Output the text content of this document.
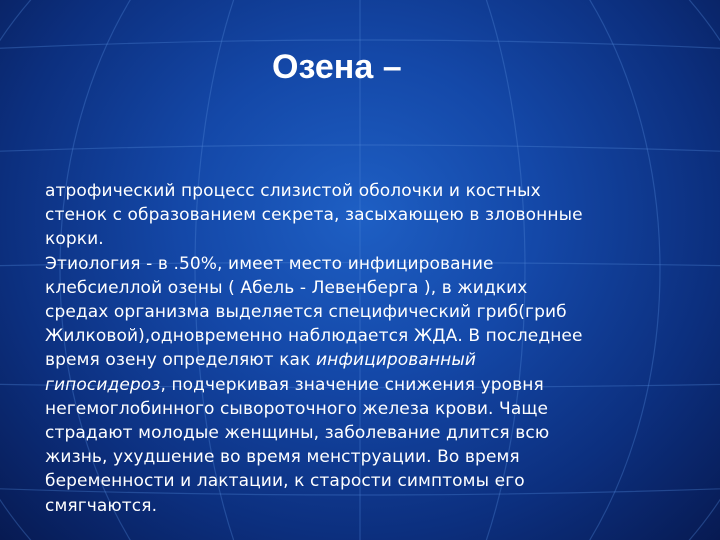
Озена –
атрофический процесс слизистой оболочки и костных
стенок с образованием секрета, засыхающею в зловонные
корки.
Этиология - в .50%, имеет место инфицирование
клебсиеллой озены ( Абель - Левенберга ), в жидких
средах организма выделяется специфический гриб(гриб
Жилковой),одновременно наблюдается ЖДА. В последнее
время озену определяют как инфицированный
гипосидероз, подчеркивая значение снижения уровня
негемоглобинного сывороточного железа крови. Чаще
страдают молодые женщины, заболевание длится всю
жизнь, ухудшение во время менструации. Во время
беременности и лактации, к старости симптомы его
смягчаются.
